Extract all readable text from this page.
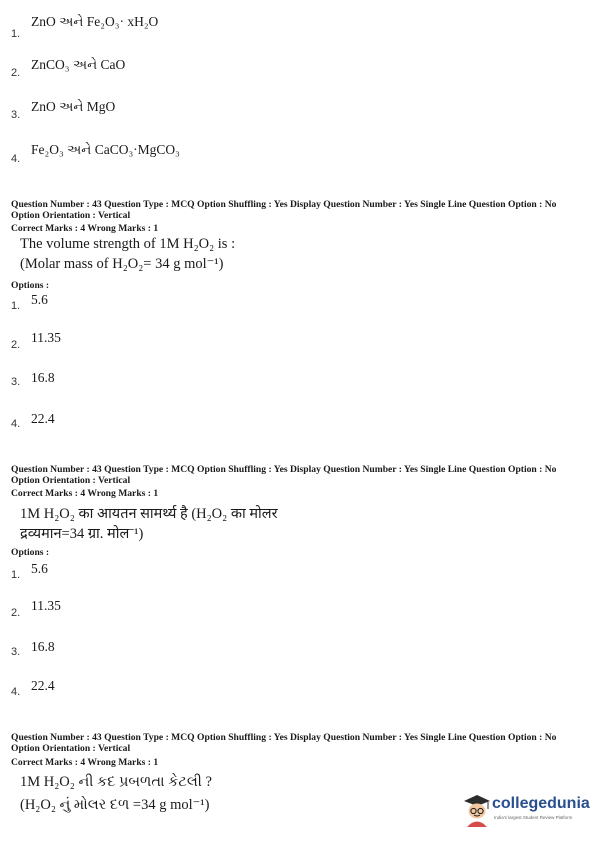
1.
ZnO અને Fe₂O₃· xH₂O
2.
ZnCO₃ અને CaO
3.
ZnO અને MgO
4.
Fe₂O₃ અને CaCO₃·MgCO₃
Question Number : 43 Question Type : MCQ Option Shuffling : Yes Display Question Number : Yes Single Line Question Option : No Option Orientation : Vertical
Correct Marks : 4 Wrong Marks : 1
The volume strength of 1M H₂O₂ is :
(Molar mass of H₂O₂= 34 g mol⁻¹)
Options :
1. 5.6
2. 11.35
3. 16.8
4. 22.4
Question Number : 43 Question Type : MCQ Option Shuffling : Yes Display Question Number : Yes Single Line Question Option : No Option Orientation : Vertical
Correct Marks : 4 Wrong Marks : 1
1M H₂O₂ का आयतन सामर्थ्य है (H₂O₂ का मोलर
द्रव्यमान=34 ग्रा. मोल⁻¹)
Options :
1. 5.6
2. 11.35
3. 16.8
4. 22.4
Question Number : 43 Question Type : MCQ Option Shuffling : Yes Display Question Number : Yes Single Line Question Option : No Option Orientation : Vertical
Correct Marks : 4 Wrong Marks : 1
1M H₂O₂ ની કદ પ્રબળતા કેટલી ?
(H₂O₂ નું મોલર દળ =34 g mol⁻¹)	collegedunia
India's largest Student Review Platform
